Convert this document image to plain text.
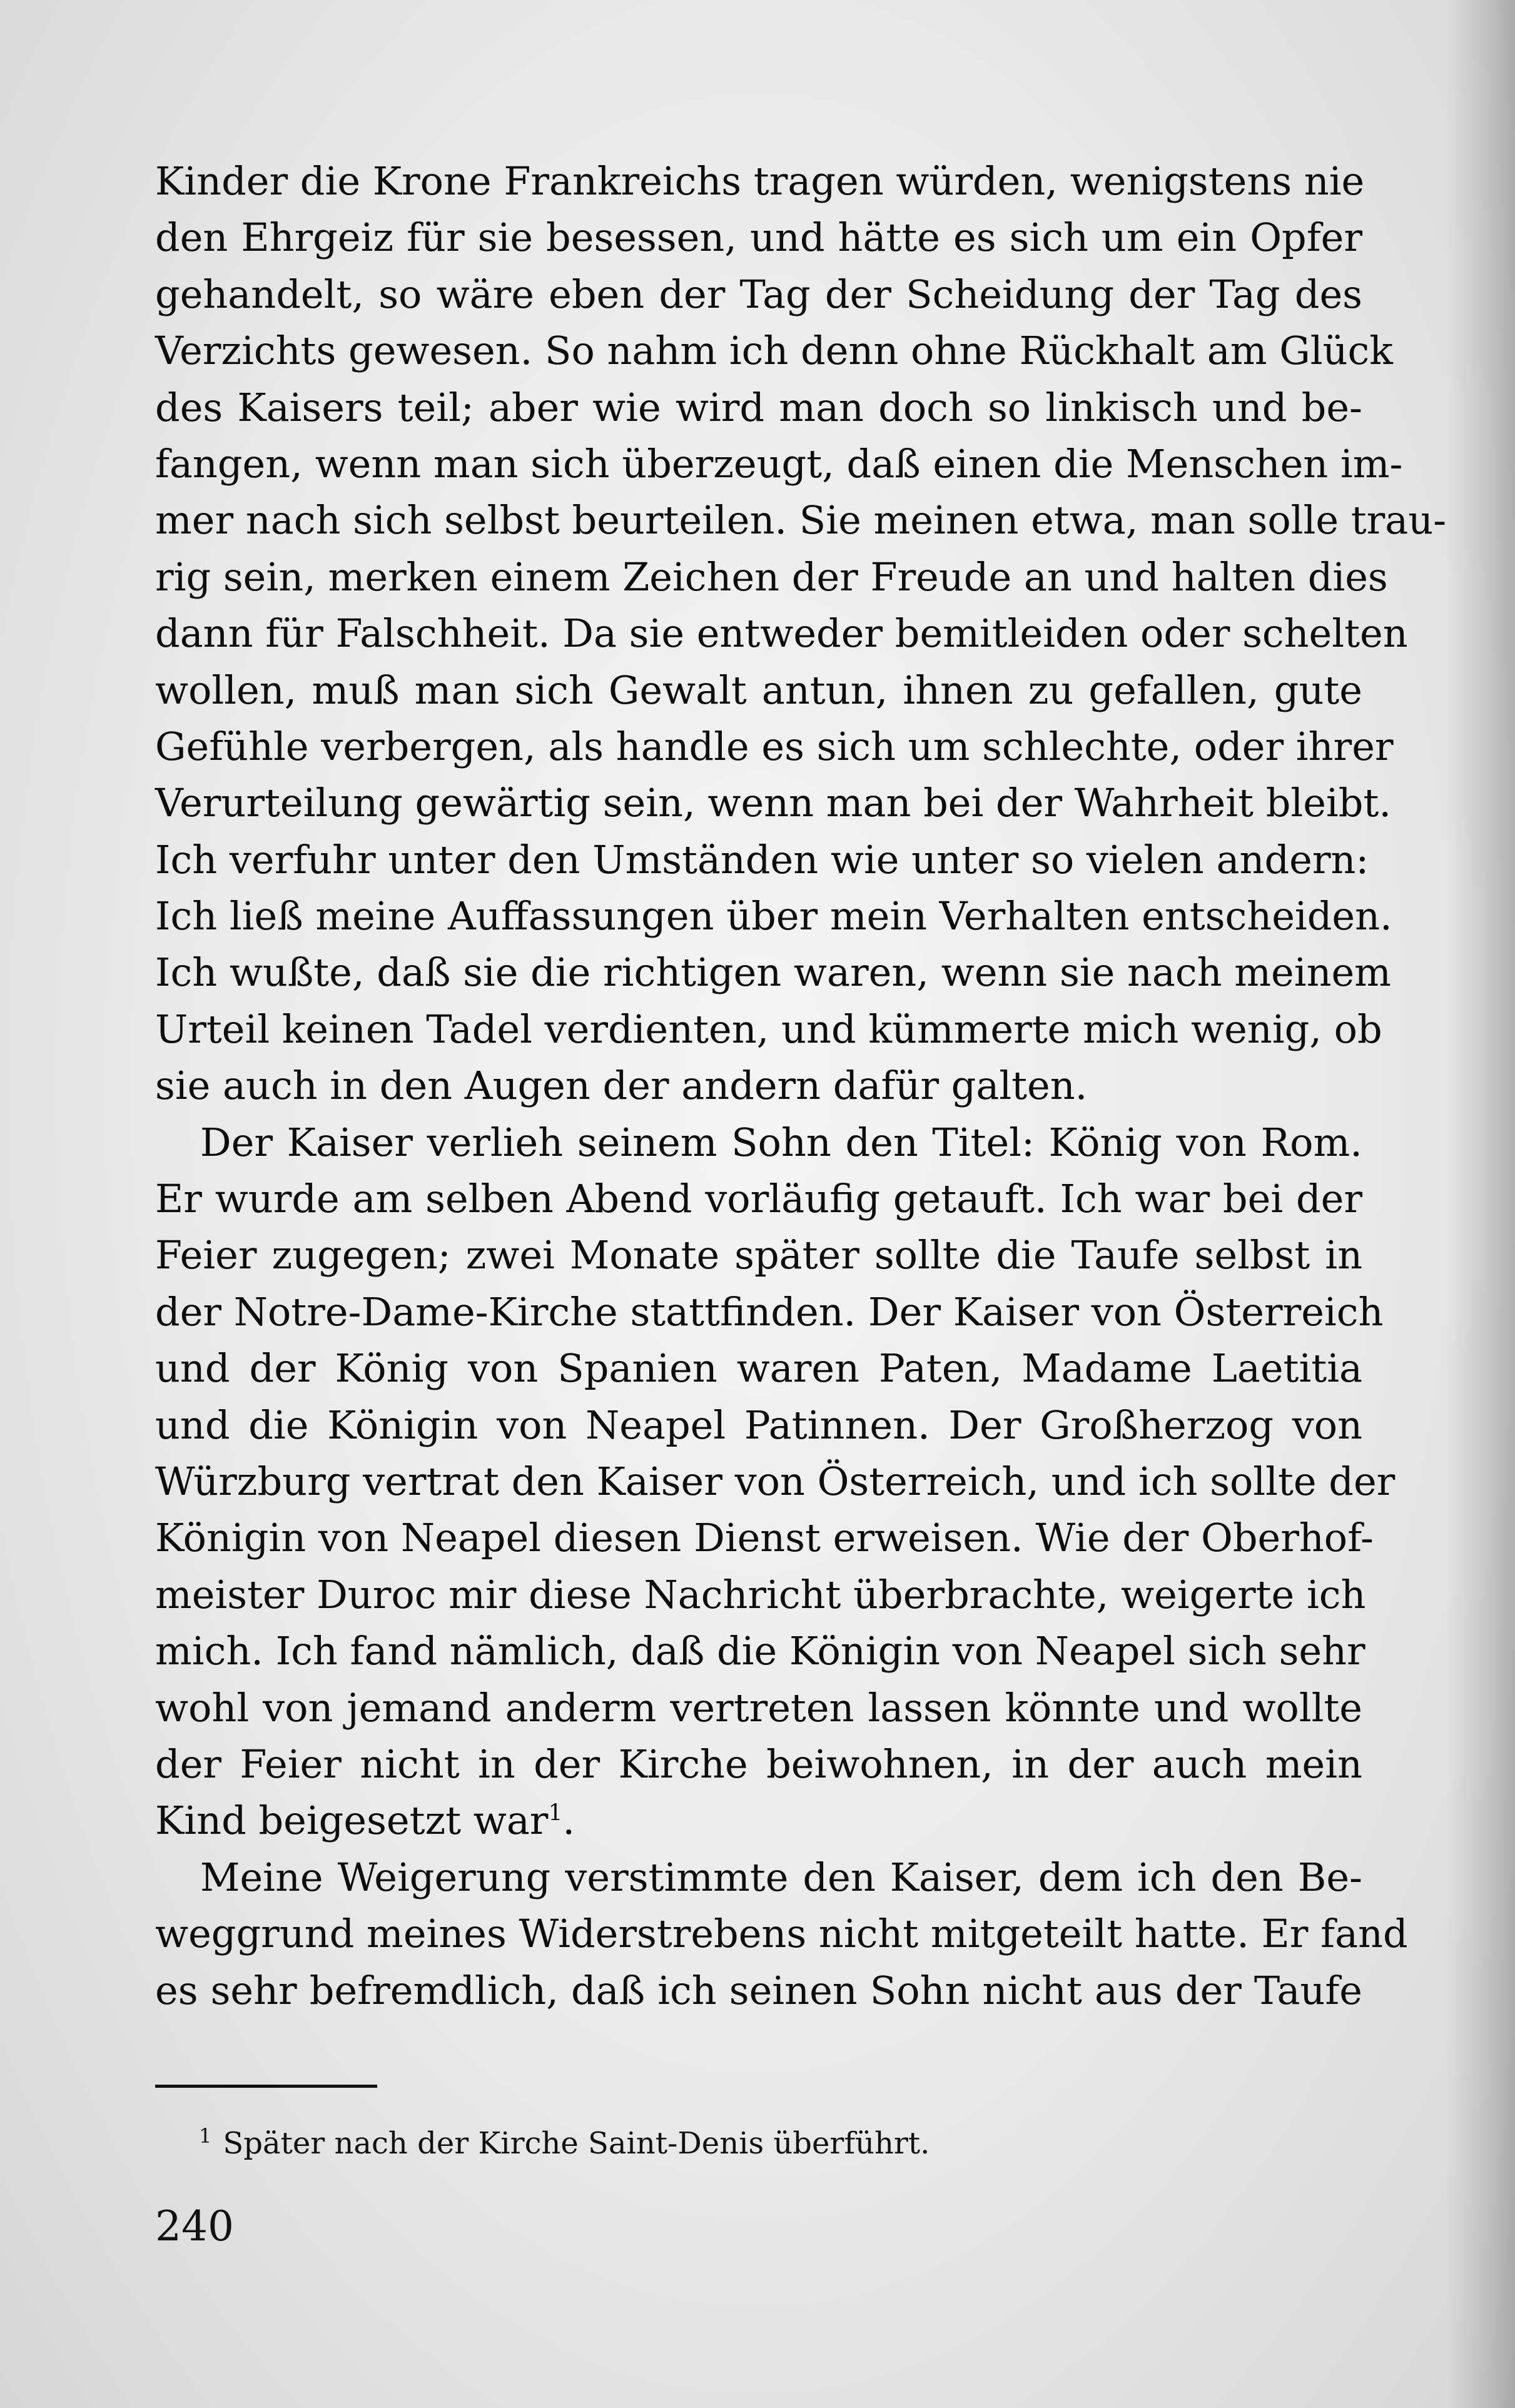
Kinder die Krone Frankreichs tragen würden, wenigstens nie
den Ehrgeiz für sie besessen, und hätte es sich um ein Opfer
gehandelt, so wäre eben der Tag der Scheidung der Tag des
Verzichts gewesen. So nahm ich denn ohne Rückhalt am Glück
des Kaisers teil; aber wie wird man doch so linkisch und be-
fangen, wenn man sich überzeugt, daß einen die Menschen im-
mer nach sich selbst beurteilen. Sie meinen etwa, man solle trau-
rig sein, merken einem Zeichen der Freude an und halten dies
dann für Falschheit. Da sie entweder bemitleiden oder schelten
wollen, muß man sich Gewalt antun, ihnen zu gefallen, gute
Gefühle verbergen, als handle es sich um schlechte, oder ihrer
Verurteilung gewärtig sein, wenn man bei der Wahrheit bleibt.
Ich verfuhr unter den Umständen wie unter so vielen andern:
Ich ließ meine Auffassungen über mein Verhalten entscheiden.
Ich wußte, daß sie die richtigen waren, wenn sie nach meinem
Urteil keinen Tadel verdienten, und kümmerte mich wenig, ob
sie auch in den Augen der andern dafür galten.
Der Kaiser verlieh seinem Sohn den Titel: König von Rom.
Er wurde am selben Abend vorläufig getauft. Ich war bei der
Feier zugegen; zwei Monate später sollte die Taufe selbst in
der Notre-Dame-Kirche stattfinden. Der Kaiser von Österreich
und der König von Spanien waren Paten, Madame Laetitia
und die Königin von Neapel Patinnen. Der Großherzog von
Würzburg vertrat den Kaiser von Österreich, und ich sollte der
Königin von Neapel diesen Dienst erweisen. Wie der Oberhof-
meister Duroc mir diese Nachricht überbrachte, weigerte ich
mich. Ich fand nämlich, daß die Königin von Neapel sich sehr
wohl von jemand anderm vertreten lassen könnte und wollte
der Feier nicht in der Kirche beiwohnen, in der auch mein
Kind beigesetzt war$^1$.
Meine Weigerung verstimmte den Kaiser, dem ich den Be-
weggrund meines Widerstrebens nicht mitgeteilt hatte. Er fand
es sehr befremdlich, daß ich seinen Sohn nicht aus der Taufe
$^1$ Später nach der Kirche Saint-Denis überführt.
240
